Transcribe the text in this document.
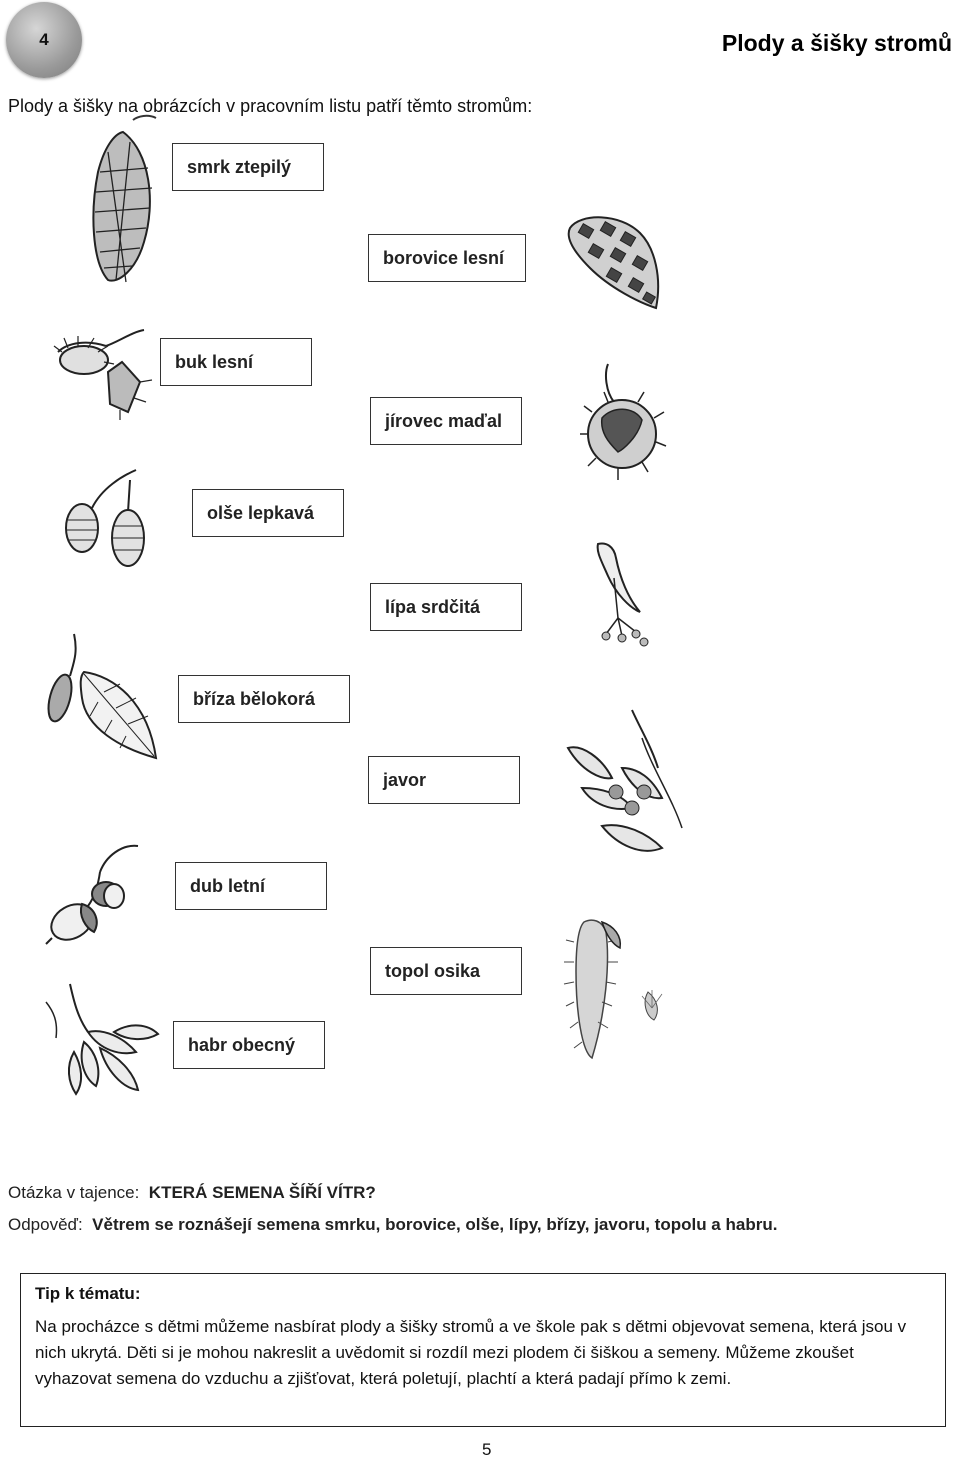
4	Plody a šišky stromů
Plody a šišky na obrázcích v pracovním listu patří těmto stromům:
smrk ztepilý
borovice lesní
buk lesní
jírovec maďal
olše lepkavá
lípa srdčitá
bříza bělokorá
javor
dub letní
topol osika
habr obecný
Otázka v tajence: KTERÁ SEMENA ŠÍŘÍ VÍTR?
Odpověď: Větrem se roznášejí semena smrku, borovice, olše, lípy, břízy, javoru, topolu a habru.
Tip k tématu:
Na procházce s dětmi můžeme nasbírat plody a šišky stromů a ve škole pak s dětmi objevovat semena, která jsou v nich ukrytá. Děti si je mohou nakreslit a uvědomit si rozdíl mezi plodem či šiškou a semeny. Můžeme zkoušet vyhazovat semena do vzduchu a zjišťovat, která poletují, plachtí a která padají přímo k zemi.
5
